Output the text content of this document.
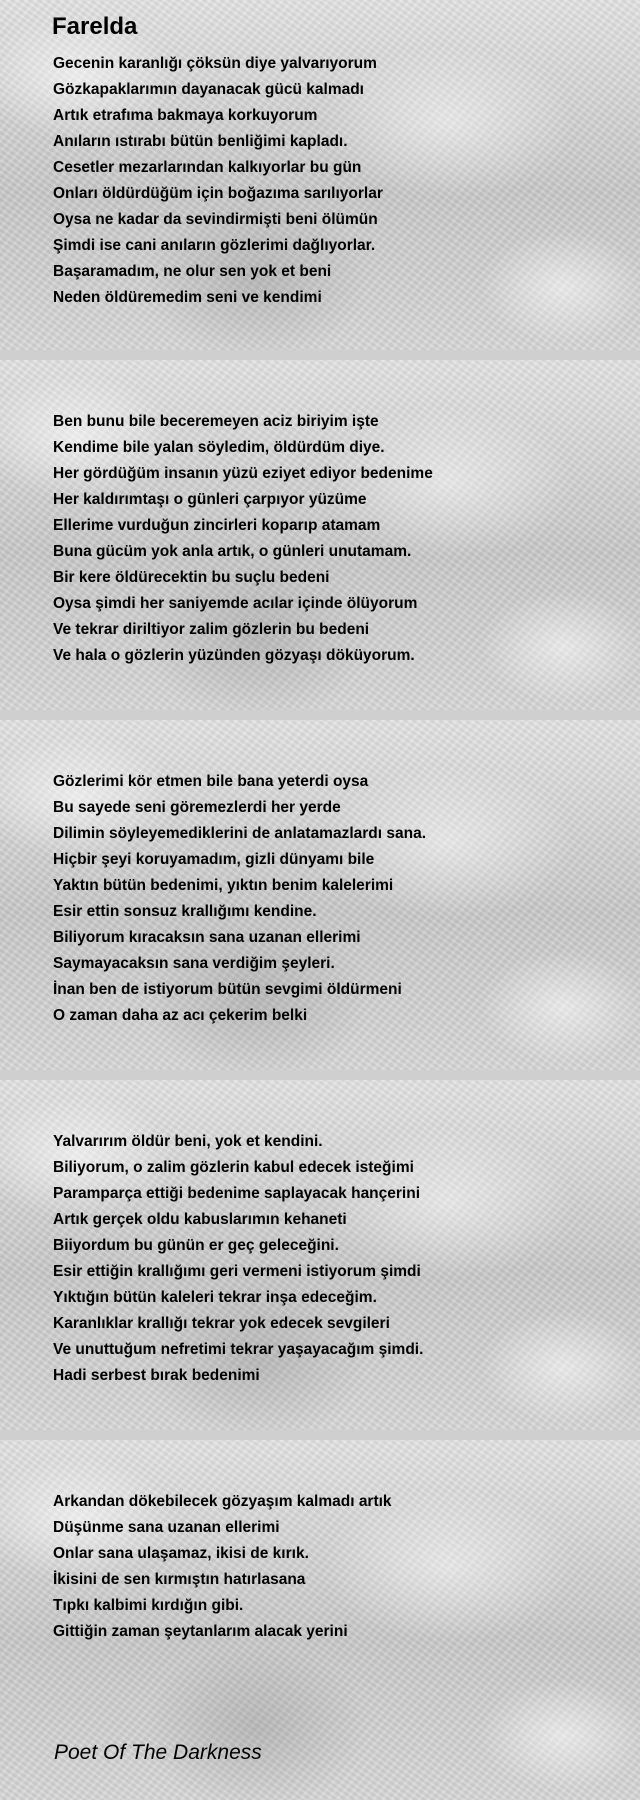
Farelda
Gecenin karanlığı çöksün diye yalvarıyorum
Gözkapaklarımın dayanacak gücü kalmadı
Artık etrafıma bakmaya korkuyorum
Anıların ıstırabı bütün benliğimi kapladı.
Cesetler mezarlarından kalkıyorlar bu gün
Onları öldürdüğüm için boğazıma sarılıyorlar
Oysa ne kadar da sevindirmişti beni ölümün
Şimdi ise cani anıların gözlerimi dağlıyorlar.
Başaramadım, ne olur sen yok et beni
Neden öldüremedim seni ve kendimi
Ben bunu bile beceremeyen aciz biriyim işte
Kendime bile yalan söyledim, öldürdüm diye.
Her gördüğüm insanın yüzü eziyet ediyor bedenime
Her kaldırımtaşı o günleri çarpıyor yüzüme
Ellerime vurduğun zincirleri koparıp atamam
Buna gücüm yok anla artık, o günleri unutamam.
Bir kere öldürecektin bu suçlu bedeni
Oysa şimdi her saniyemde acılar içinde ölüyorum
Ve tekrar diriltiyor zalim gözlerin bu bedeni
Ve hala o gözlerin yüzünden gözyaşı döküyorum.
Gözlerimi kör etmen bile bana yeterdi oysa
Bu sayede seni göremezlerdi her yerde
Dilimin söyleyemediklerini de anlatamazlardı sana.
Hiçbir şeyi koruyamadım, gizli dünyamı bile
Yaktın bütün bedenimi, yıktın benim kalelerimi
Esir ettin sonsuz krallığımı kendine.
Biliyorum kıracaksın sana uzanan ellerimi
Saymayacaksın sana verdiğim şeyleri.
İnan ben de istiyorum bütün sevgimi öldürmeni
O zaman daha az acı çekerim belki
Yalvarırım öldür beni, yok et kendini.
Biliyorum, o zalim gözlerin kabul edecek isteğimi
Paramparça ettiği bedenime saplayacak hançerini
Artık gerçek oldu kabuslarımın kehaneti
Biiyordum bu günün er geç geleceğini.
Esir ettiğin krallığımı geri vermeni istiyorum şimdi
Yıktığın bütün kaleleri tekrar inşa edeceğim.
Karanlıklar krallığı tekrar yok edecek sevgileri
Ve unuttuğum nefretimi tekrar yaşayacağım şimdi.
Hadi serbest bırak bedenimi
Arkandan dökebilecek gözyaşım kalmadı artık
Düşünme sana uzanan ellerimi
Onlar sana ulaşamaz, ikisi de kırık.
İkisini de sen kırmıştın hatırlasana
Tıpkı kalbimi kırdığın gibi.
Gittiğin zaman şeytanlarım alacak yerini
Poet Of The Darkness
